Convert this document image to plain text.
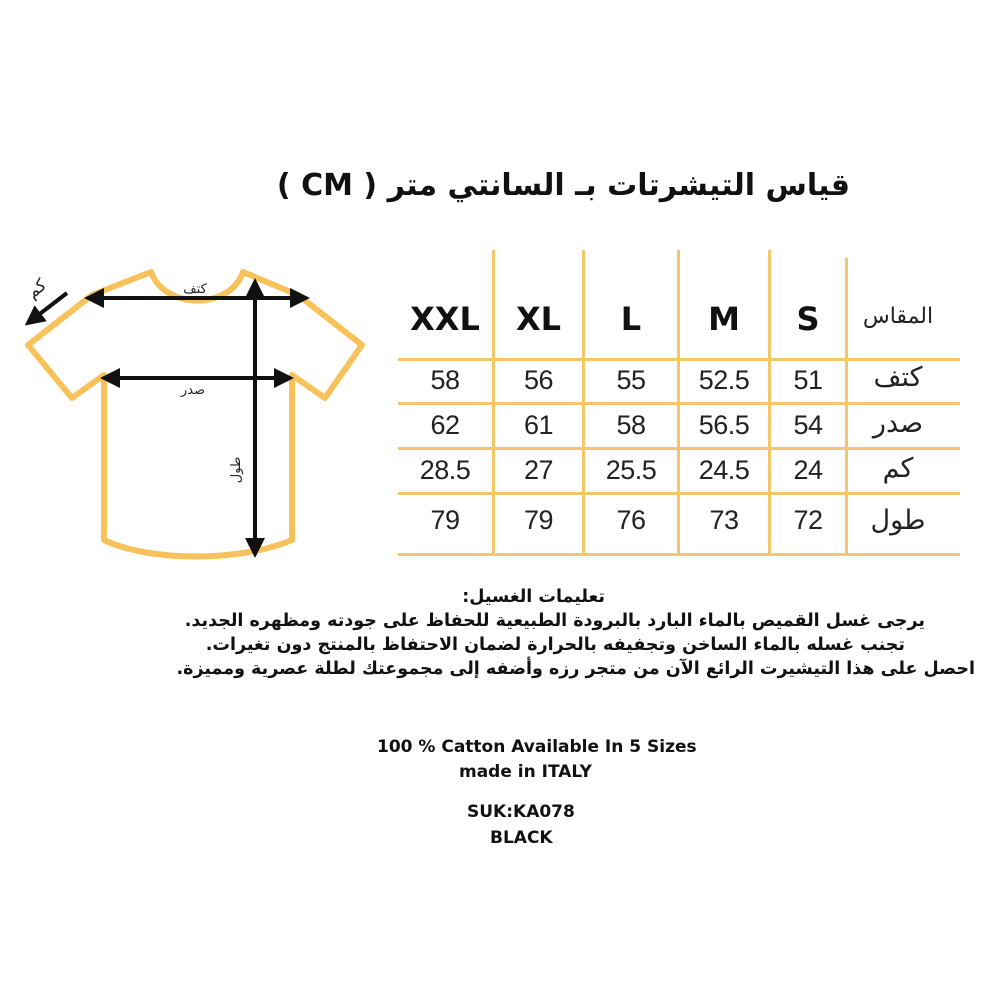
قياس التيشرتات بـ السانتي متر ( CM )
كتف
صدر
طول
كم
XXL	XL	L	M	S	المقاس
58	56	55	52.5	51	كتف
62	61	58	56.5	54	صدر
28.5	27	25.5	24.5	24	كم
79	79	76	73	72	طول
تعليمات الغسيل:
يرجى غسل القميص بالماء البارد بالبرودة الطبيعية للحفاظ على جودته ومظهره الجديد.
تجنب غسله بالماء الساخن وتجفيفه بالحرارة لضمان الاحتفاظ بالمنتج دون تغيرات.
احصل على هذا التيشيرت الرائع الآن من متجر رزه وأضفه إلى مجموعتك لطلة عصرية ومميزة.
100 % Catton Available In 5 Sizes
made in ITALY
SUK:KA078
BLACK
